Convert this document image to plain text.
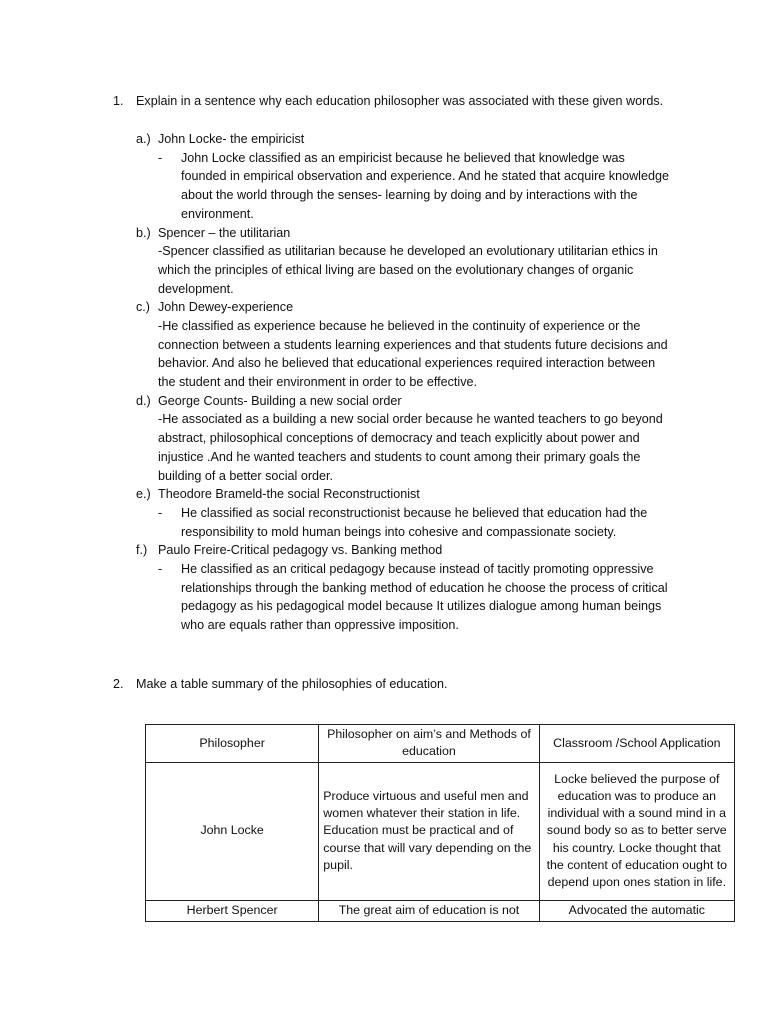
1. Explain in a sentence why each education philosopher was associated with these given words.
a.) John Locke- the empiricist
- John Locke classified as an empiricist because he believed that knowledge was founded in empirical observation and experience. And he stated that acquire knowledge about the world through the senses- learning by doing and by interactions with the environment.
b.) Spencer – the utilitarian
-Spencer classified as utilitarian because he developed an evolutionary utilitarian ethics in which the principles of ethical living are based on the evolutionary changes of organic development.
c.) John Dewey-experience
-He classified as experience because he believed in the continuity of experience or the connection between a students learning experiences and that students future decisions and behavior. And also he believed that educational experiences required interaction between the student and their environment in order to be effective.
d.) George Counts- Building a new social order
-He associated as a building a new social order because he wanted teachers to go beyond abstract, philosophical conceptions of democracy and teach explicitly about power and injustice .And he wanted teachers and students to count among their primary goals the building of a better social order.
e.) Theodore Brameld-the social Reconstructionist
- He classified as social reconstructionist because he believed that education had the responsibility to mold human beings into cohesive and compassionate society.
f.) Paulo Freire-Critical pedagogy vs. Banking method
- He classified as an critical pedagogy because instead of tacitly promoting oppressive relationships through the banking method of education he choose the process of critical pedagogy as his pedagogical model because It utilizes dialogue among human beings who are equals rather than oppressive imposition.
2. Make a table summary of the philosophies of education.
Philosopher	Philosopher on aim’s and Methods of education	Classroom /School Application
John Locke	Produce virtuous and useful men and women whatever their station in life. Education must be practical and of course that will vary depending on the pupil.	Locke believed the purpose of education was to produce an individual with a sound mind in a sound body so as to better serve his country. Locke thought that the content of education ought to depend upon ones station in life.
Herbert Spencer	The great aim of education is not	Advocated the automatic
